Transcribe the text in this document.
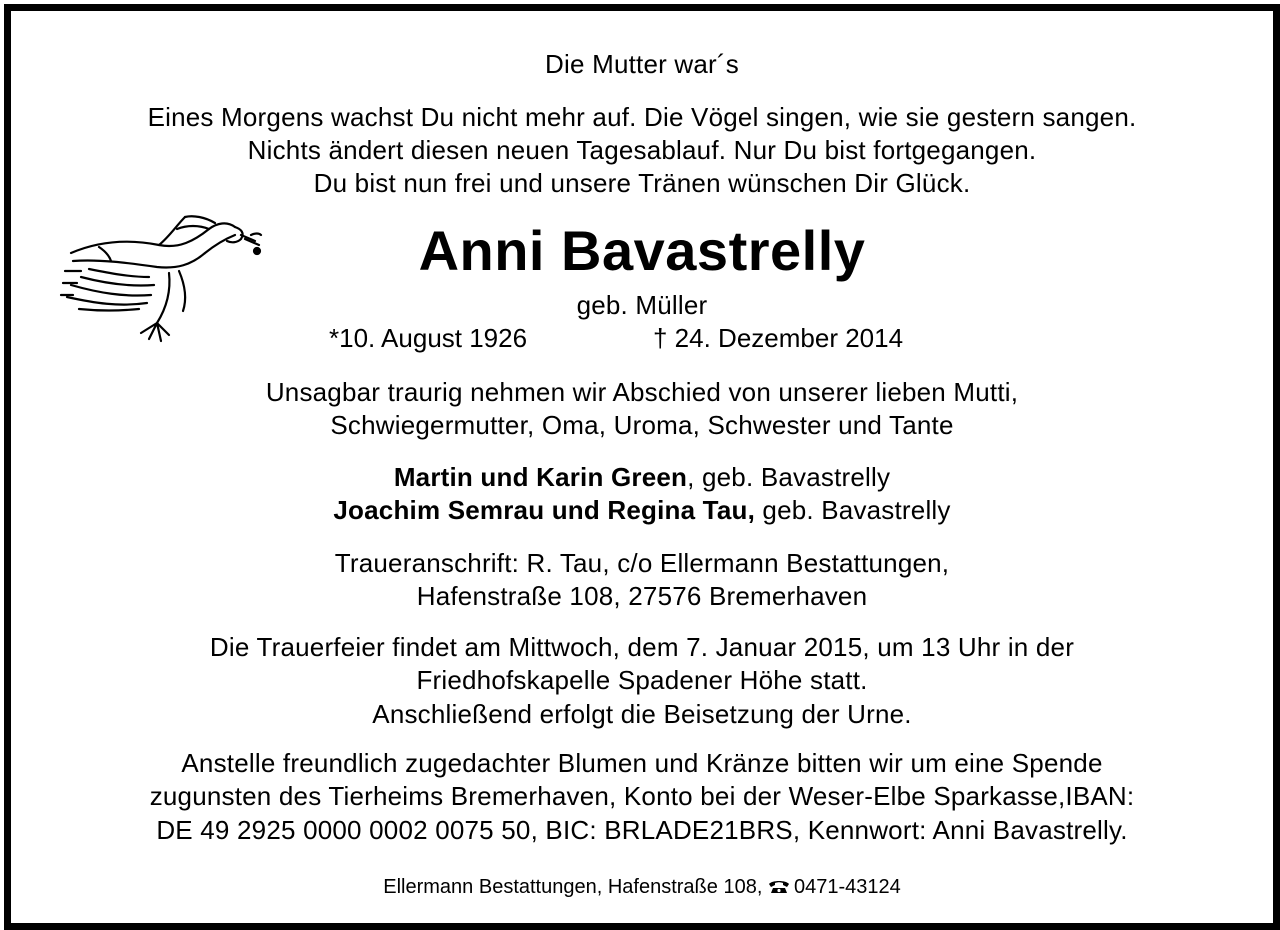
Die Mutter war´s
Eines Morgens wachst Du nicht mehr auf. Die Vögel singen, wie sie gestern sangen.
Nichts ändert diesen neuen Tagesablauf. Nur Du bist fortgegangen.
Du bist nun frei und unsere Tränen wünschen Dir Glück.
Anni Bavastrelly
geb. Müller
*10. August 1926	† 24. Dezember 2014
Unsagbar traurig nehmen wir Abschied von unserer lieben Mutti,
Schwiegermutter, Oma, Uroma, Schwester und Tante
Martin und Karin Green, geb. Bavastrelly
Joachim Semrau und Regina Tau, geb. Bavastrelly
Traueranschrift: R. Tau, c/o Ellermann Bestattungen,
Hafenstraße 108, 27576 Bremerhaven
Die Trauerfeier findet am Mittwoch, dem 7. Januar 2015, um 13 Uhr in der
Friedhofskapelle Spadener Höhe statt.
Anschließend erfolgt die Beisetzung der Urne.
Anstelle freundlich zugedachter Blumen und Kränze bitten wir um eine Spende
zugunsten des Tierheims Bremerhaven, Konto bei der Weser-Elbe Sparkasse,IBAN:
DE 49 2925 0000 0002 0075 50, BIC: BRLADE21BRS, Kennwort: Anni Bavastrelly.
Ellermann Bestattungen, Hafenstraße 108, 0471-43124
